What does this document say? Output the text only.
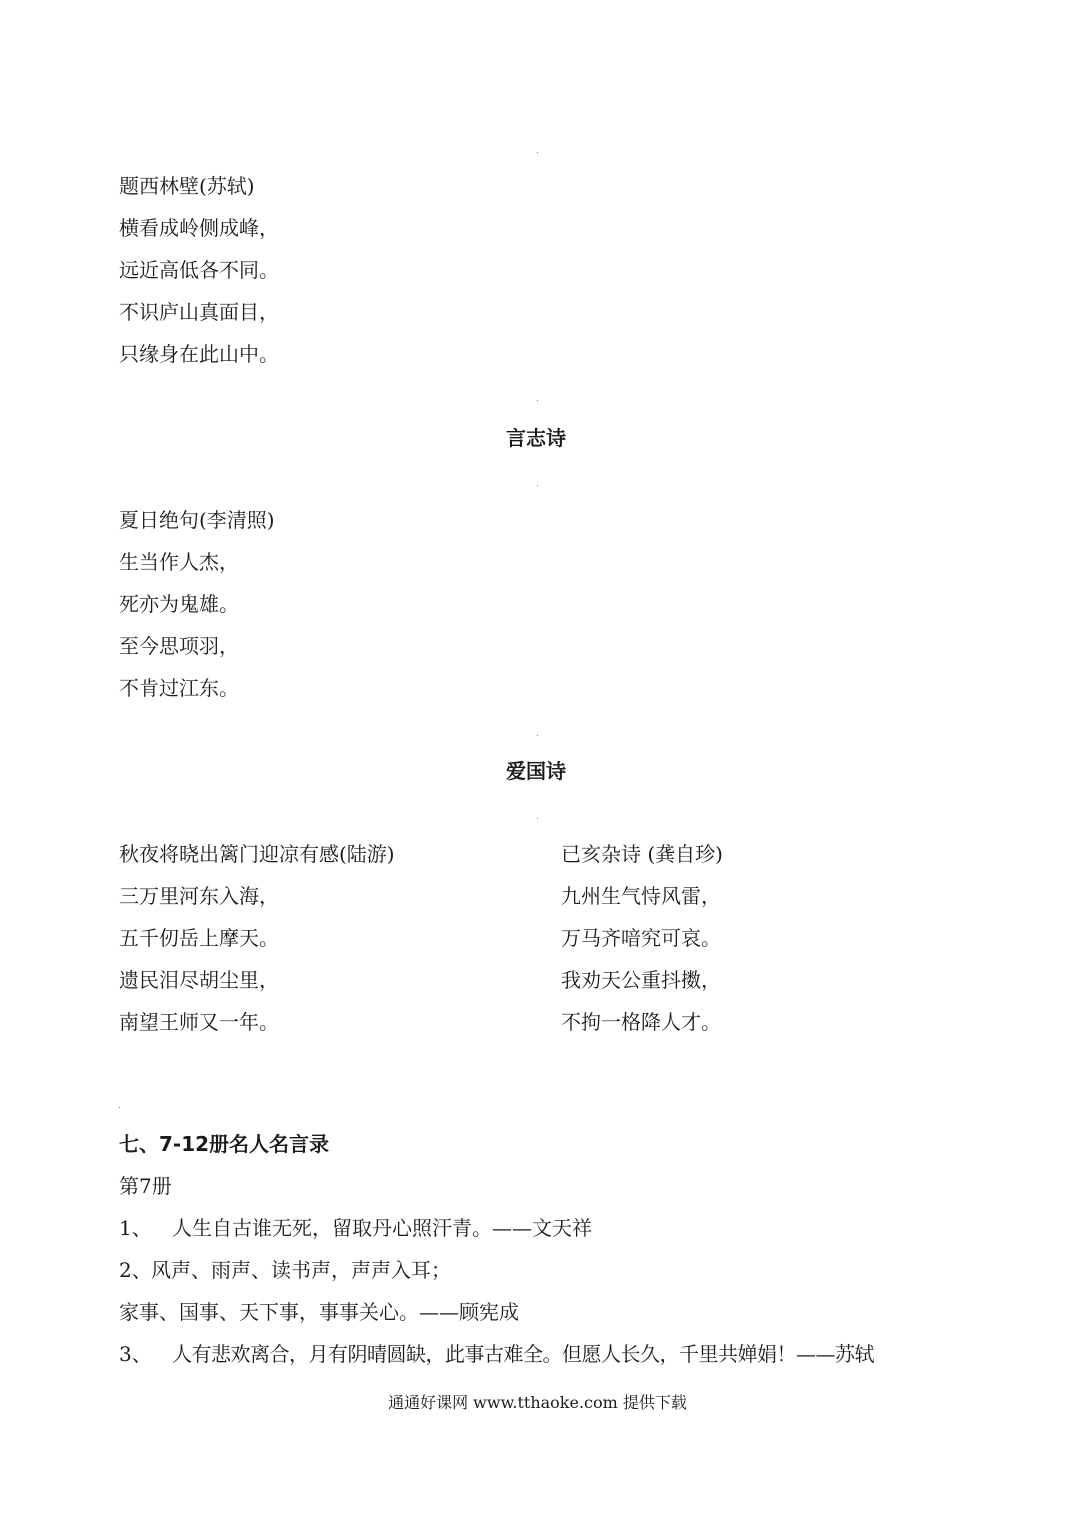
题西林壁(苏轼)
横看成岭侧成峰，
远近高低各不同。
不识庐山真面目，
只缘身在此山中。
言志诗
夏日绝句(李清照)
生当作人杰，
死亦为鬼雄。
至今思项羽，
不肯过江东。
爱国诗
秋夜将晓出篱门迎凉有感(陆游)
三万里河东入海，
五千仞岳上摩天。
遗民泪尽胡尘里，
南望王师又一年。
已亥杂诗 (龚自珍)
九州生气恃风雷，
万马齐喑究可哀。
我劝天公重抖擞，
不拘一格降人才。
七、7-12册名人名言录
第7册
1、 人生自古谁无死，留取丹心照汗青。——文天祥
2、 风声、雨声、读书声，声声入耳；
家事、国事、天下事，事事关心。——顾宪成
3、 人有悲欢离合，月有阴晴圆缺，此事古难全。但愿人长久，千里共婵娟！——苏轼
通通好课网 www.tthaoke.com 提供下载
